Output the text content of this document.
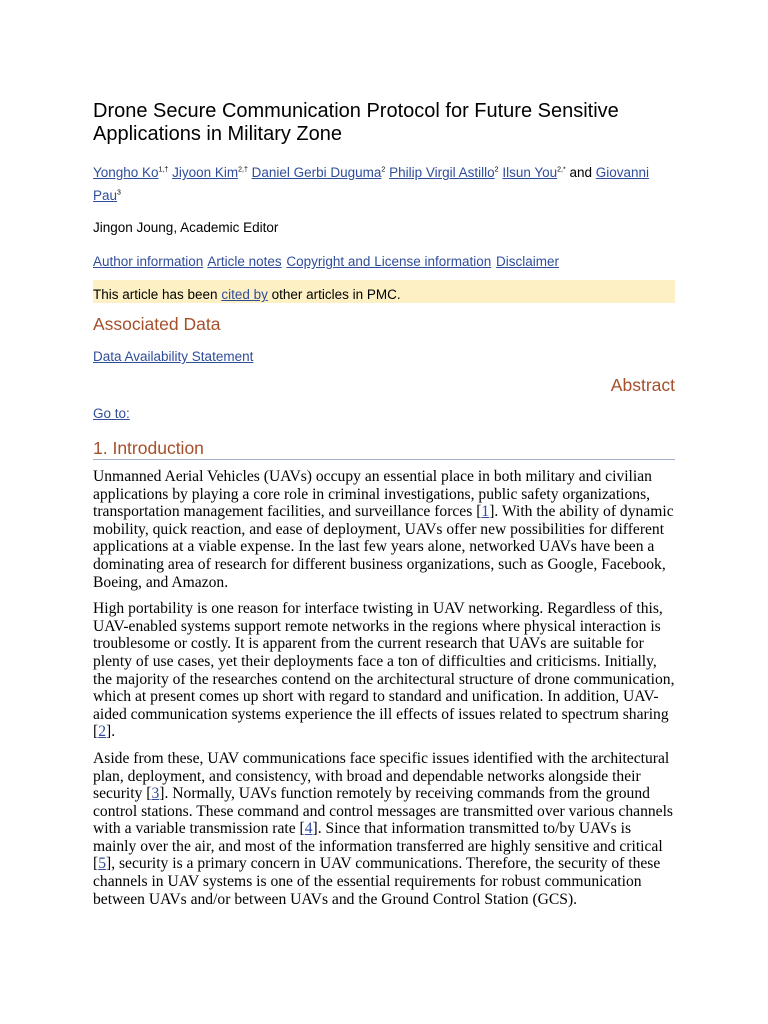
Drone Secure Communication Protocol for Future Sensitive Applications in Military Zone
Yongho $Ko^{1,\dagger}$ Jiyoon Kim$^{2,\dagger}$ Daniel Gerbi Duguma$^2$ Philip Virgil Astillo$^2$ Ilsun You$^{2,*}$ and Giovanni Pau$^3$
Jingon Joung, Academic Editor
Author information Article notes Copyright and License information Disclaimer
This article has been cited by other articles in PMC.
Associated Data
Data Availability Statement
Abstract
Go to:
1. Introduction

Unmanned Aerial Vehicles (UAVs) occupy an essential place in both military and civilian applications by playing a core role in criminal investigations, public safety organizations, transportation management facilities, and surveillance forces [1]. With the ability of dynamic mobility, quick reaction, and ease of deployment, UAVs offer new possibilities for different applications at a viable expense. In the last few years alone, networked UAVs have been a dominating area of research for different business organizations, such as Google, Facebook, Boeing, and Amazon.

High portability is one reason for interface twisting in UAV networking. Regardless of this, UAV-enabled systems support remote networks in the regions where physical interaction is troublesome or costly. It is apparent from the current research that UAVs are suitable for plenty of use cases, yet their deployments face a ton of difficulties and criticisms. Initially, the majority of the researches contend on the architectural structure of drone communication, which at present comes up short with regard to standard and unification. In addition, UAV-aided communication systems experience the ill effects of issues related to spectrum sharing [2].

Aside from these, UAV communications face specific issues identified with the architectural plan, deployment, and consistency, with broad and dependable networks alongside their security [3]. Normally, UAVs function remotely by receiving commands from the ground control stations. These command and control messages are transmitted over various channels with a variable transmission rate [4]. Since that information transmitted to/by UAVs is mainly over the air, and most of the information transferred are highly sensitive and critical [5], security is a primary concern in UAV communications. Therefore, the security of these channels in UAV systems is one of the essential requirements for robust communication between UAVs and/or between UAVs and the Ground Control Station (GCS).
